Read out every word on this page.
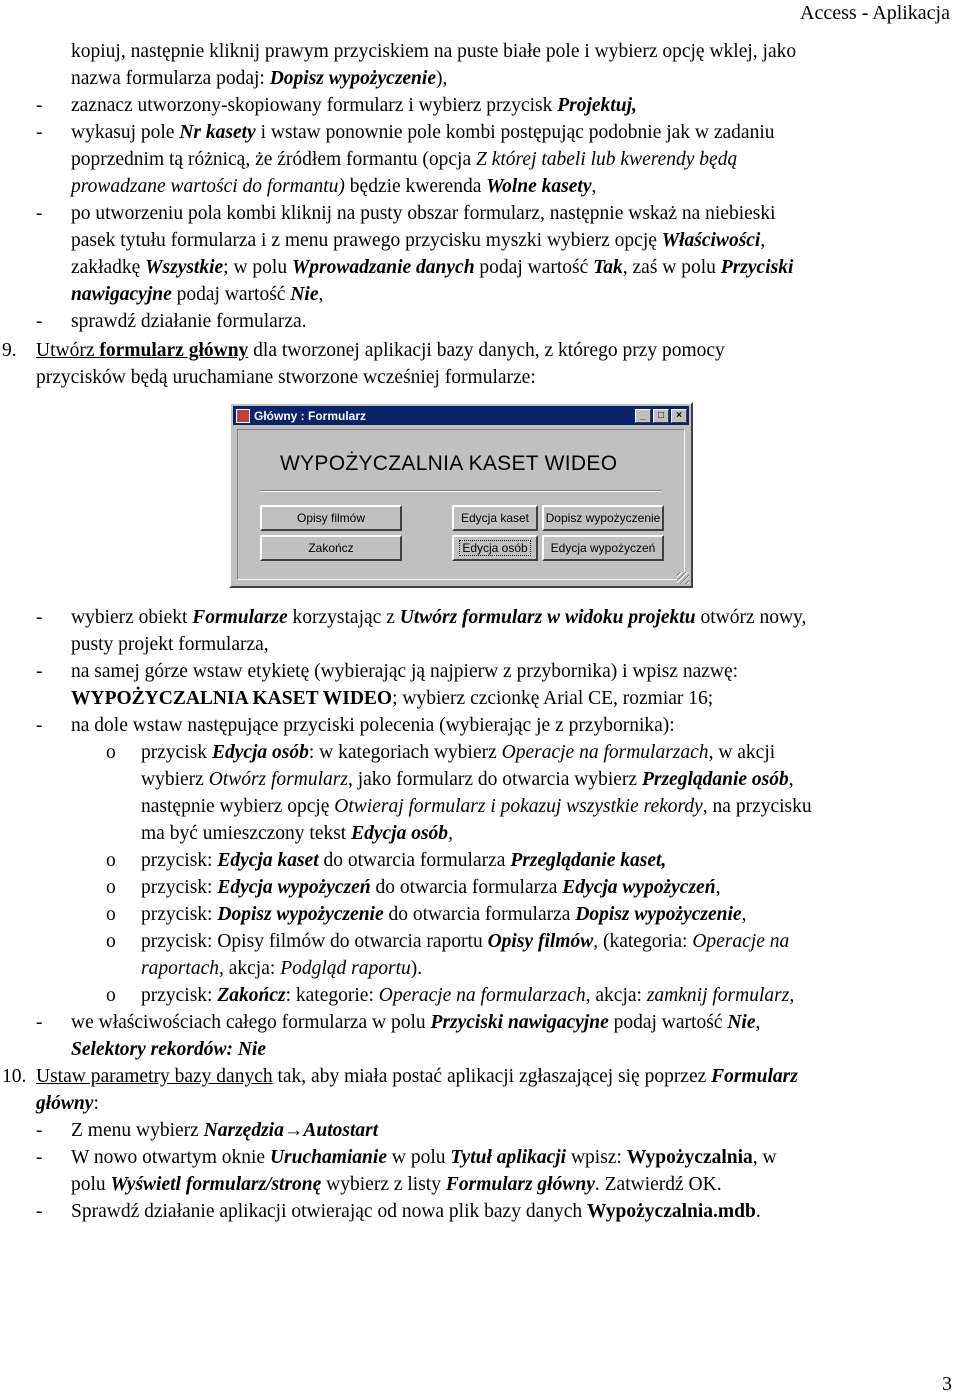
Access - Aplikacja
kopiuj, następnie kliknij prawym przyciskiem na puste białe pole i wybierz opcję wklej, jako
nazwa formularza podaj: Dopisz wypożyczenie),
- zaznacz utworzony-skopiowany formularz i wybierz przycisk Projektuj,
- wykasuj pole Nr kasety i wstaw ponownie pole kombi postępując podobnie jak w zadaniu
poprzednim tą różnicą, że źródłem formantu (opcja Z której tabeli lub kwerendy będą
prowadzane wartości do formantu) będzie kwerenda Wolne kasety,
- po utworzeniu pola kombi kliknij na pusty obszar formularz, następnie wskaż na niebieski
pasek tytułu formularza i z menu prawego przycisku myszki wybierz opcję Właściwości,
zakładkę Wszystkie; w polu Wprowadzanie danych podaj wartość Tak, zaś w polu Przyciski
nawigacyjne podaj wartość Nie,
- sprawdź działanie formularza.
9. Utwórz formularz główny dla tworzonej aplikacji bazy danych, z którego przy pomocy
przycisków będą uruchamiane stworzone wcześniej formularze:
- wybierz obiekt Formularze korzystając z Utwórz formularz w widoku projektu otwórz nowy,
pusty projekt formularza,
- na samej górze wstaw etykietę (wybierając ją najpierw z przybornika) i wpisz nazwę:
WYPOŻYCZALNIA KASET WIDEO; wybierz czcionkę Arial CE, rozmiar 16;
- na dole wstaw następujące przyciski polecenia (wybierając je z przybornika):
o przycisk Edycja osób: w kategoriach wybierz Operacje na formularzach, w akcji
wybierz Otwórz formularz, jako formularz do otwarcia wybierz Przeglądanie osób,
następnie wybierz opcję Otwieraj formularz i pokazuj wszystkie rekordy, na przycisku
ma być umieszczony tekst Edycja osób,
o przycisk: Edycja kaset do otwarcia formularza Przeglądanie kaset,
o przycisk: Edycja wypożyczeń do otwarcia formularza Edycja wypożyczeń,
o przycisk: Dopisz wypożyczenie do otwarcia formularza Dopisz wypożyczenie,
o przycisk: Opisy filmów do otwarcia raportu Opisy filmów, (kategoria: Operacje na
raportach, akcja: Podgląd raportu).
o przycisk: Zakończ: kategorie: Operacje na formularzach, akcja: zamknij formularz,
- we właściwościach całego formularza w polu Przyciski nawigacyjne podaj wartość Nie,
Selektory rekordów: Nie
10. Ustaw parametry bazy danych tak, aby miała postać aplikacji zgłaszającej się poprzez Formularz
główny:
- Z menu wybierz Narzędzia→Autostart
- W nowo otwartym oknie Uruchamianie w polu Tytuł aplikacji wpisz: Wypożyczalnia, w
polu Wyświetl formularz/stronę wybierz z listy Formularz główny. Zatwierdź OK.
- Sprawdź działanie aplikacji otwierając od nowa plik bazy danych Wypożyczalnia.mdb.
Główny : Formularz	_	□	×
WYPOŻYCZALNIA KASET WIDEO
Opisy filmów	Edycja kaset Dopisz wypożyczenie
Zakończ	Edycja osób Edycja wypożyczeń
3
